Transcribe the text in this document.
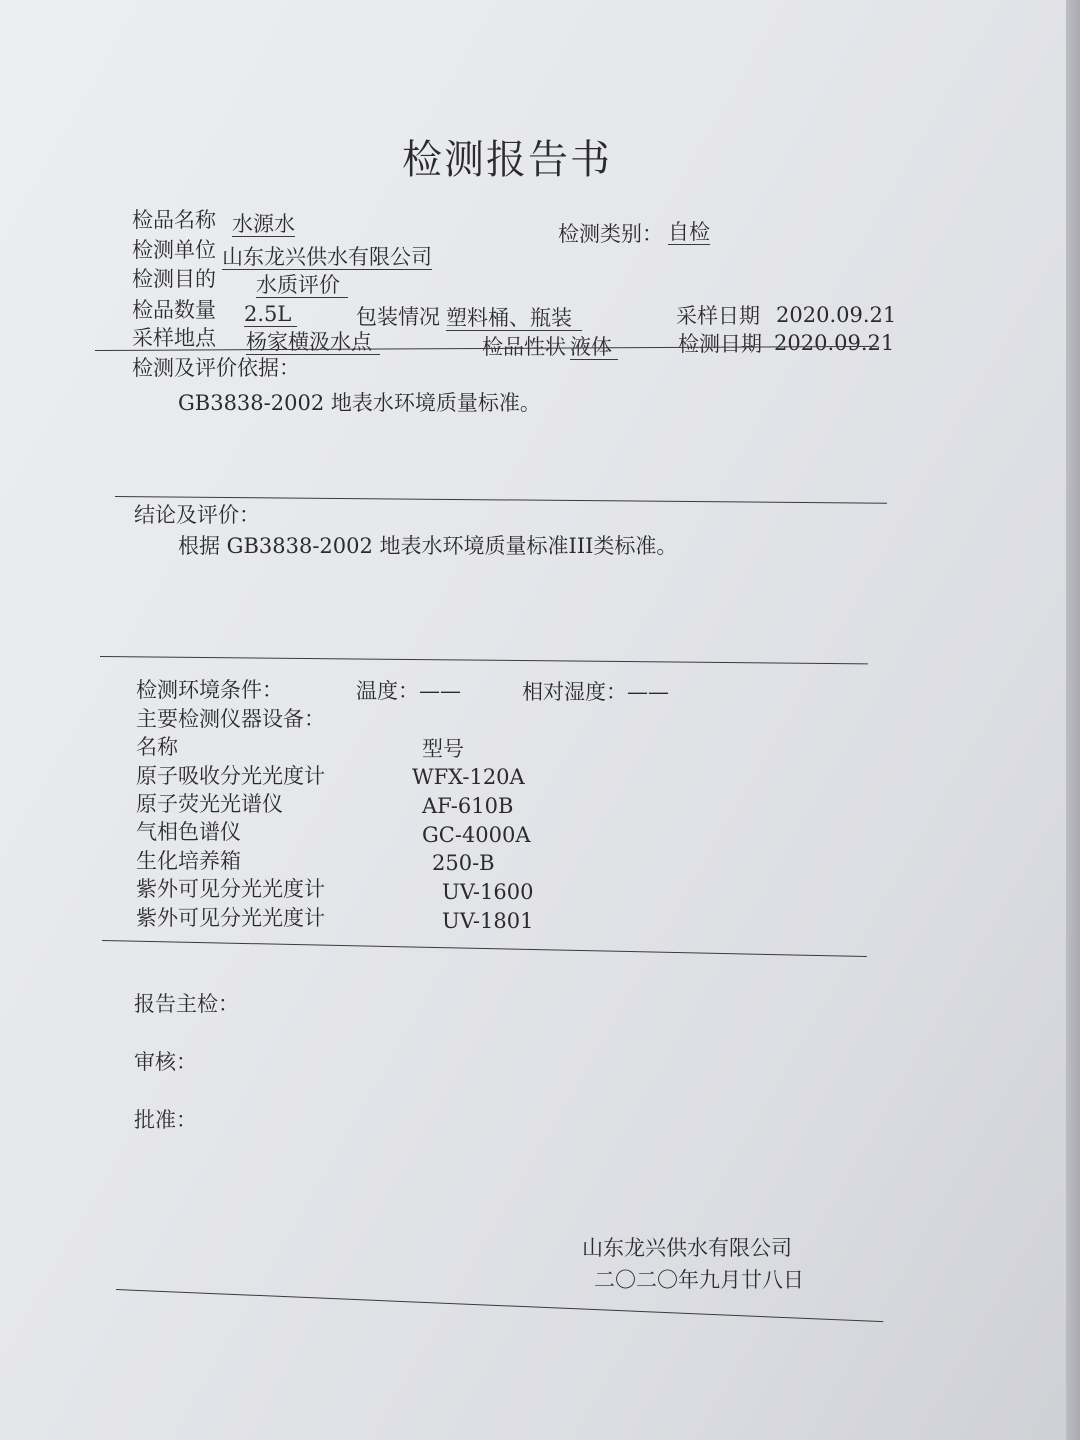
检测报告书
检品名称 水源水	检测类别： 自检
检测单位 山东龙兴供水有限公司
检测目的 水质评价
检品数量 2.5L	包装情况 塑料桶、瓶装	采样日期 2020.09.21
采样地点 杨家横汲水点	检品性状 液体	检测日期 2020.09.21
检测及评价依据：
GB3838-2002 地表水环境质量标准。
结论及评价：
根据 GB3838-2002 地表水环境质量标准III类标准。
检测环境条件：	温度：——	相对湿度：——
主要检测仪器设备：
名称	型号
原子吸收分光光度计	WFX-120A
原子荧光光谱仪	AF-610B
气相色谱仪	GC-4000A
生化培养箱	250-B
紫外可见分光光度计	UV-1600
紫外可见分光光度计	UV-1801
报告主检：
审核：
批准：
山东龙兴供水有限公司
二〇二〇年九月廿八日
